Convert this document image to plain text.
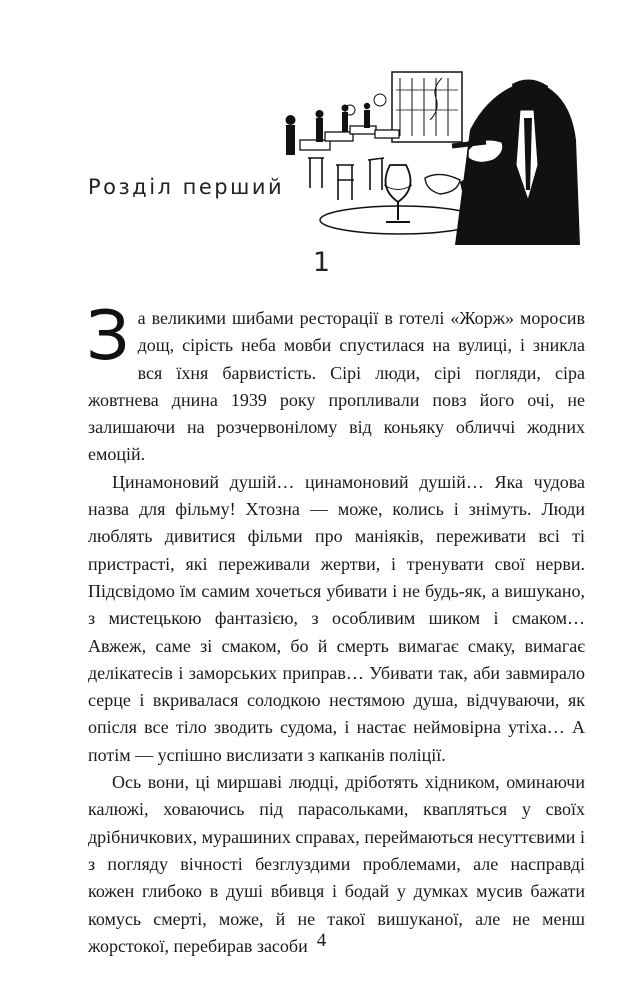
Розділ перший
1

За великими шибами ресторації в готелі «Жорж» моросив дощ, сірість неба мовби спустилася на вулиці, і зникла вся їхня барвистість. Сірі люди, сірі погляди, сіра жовтнева днина 1939 року пропливали повз його очі, не залишаючи на розчервонілому від коньяку обличчі жодних емоцій.

Цинамоновий душій… цинамоновий душій… Яка чудова назва для фільму! Хтозна — може, колись і знімуть. Люди люблять дивитися фільми про маніяків, переживати всі ті пристрасті, які переживали жертви, і тренувати свої нерви. Підсвідомо їм самим хочеться убивати і не будь-як, а вишукано, з мистецькою фантазією, з особливим шиком і смаком… Авжеж, саме зі смаком, бо й смерть вимагає смаку, вимагає делікатесів і заморських приправ… Убивати так, аби завмирало серце і вкривалася солодкою нестямою душа, відчуваючи, як опісля все тіло зводить судома, і настає неймовірна утіха… А потім — успішно вислизати з капканів поліції.

Ось вони, ці миршаві людці, дріботять хідником, оминаючи калюжі, ховаючись під парасольками, квапляться у своїх дрібничкових, мурашиних справах, переймаються несуттєвими і з погляду вічності безглуздими проблемами, але насправді кожен глибоко в душі вбивця і бодай у думках мусив бажати комусь смерті, може, й не такої вишуканої, але не менш жорстокої, перебирав засоби 4
